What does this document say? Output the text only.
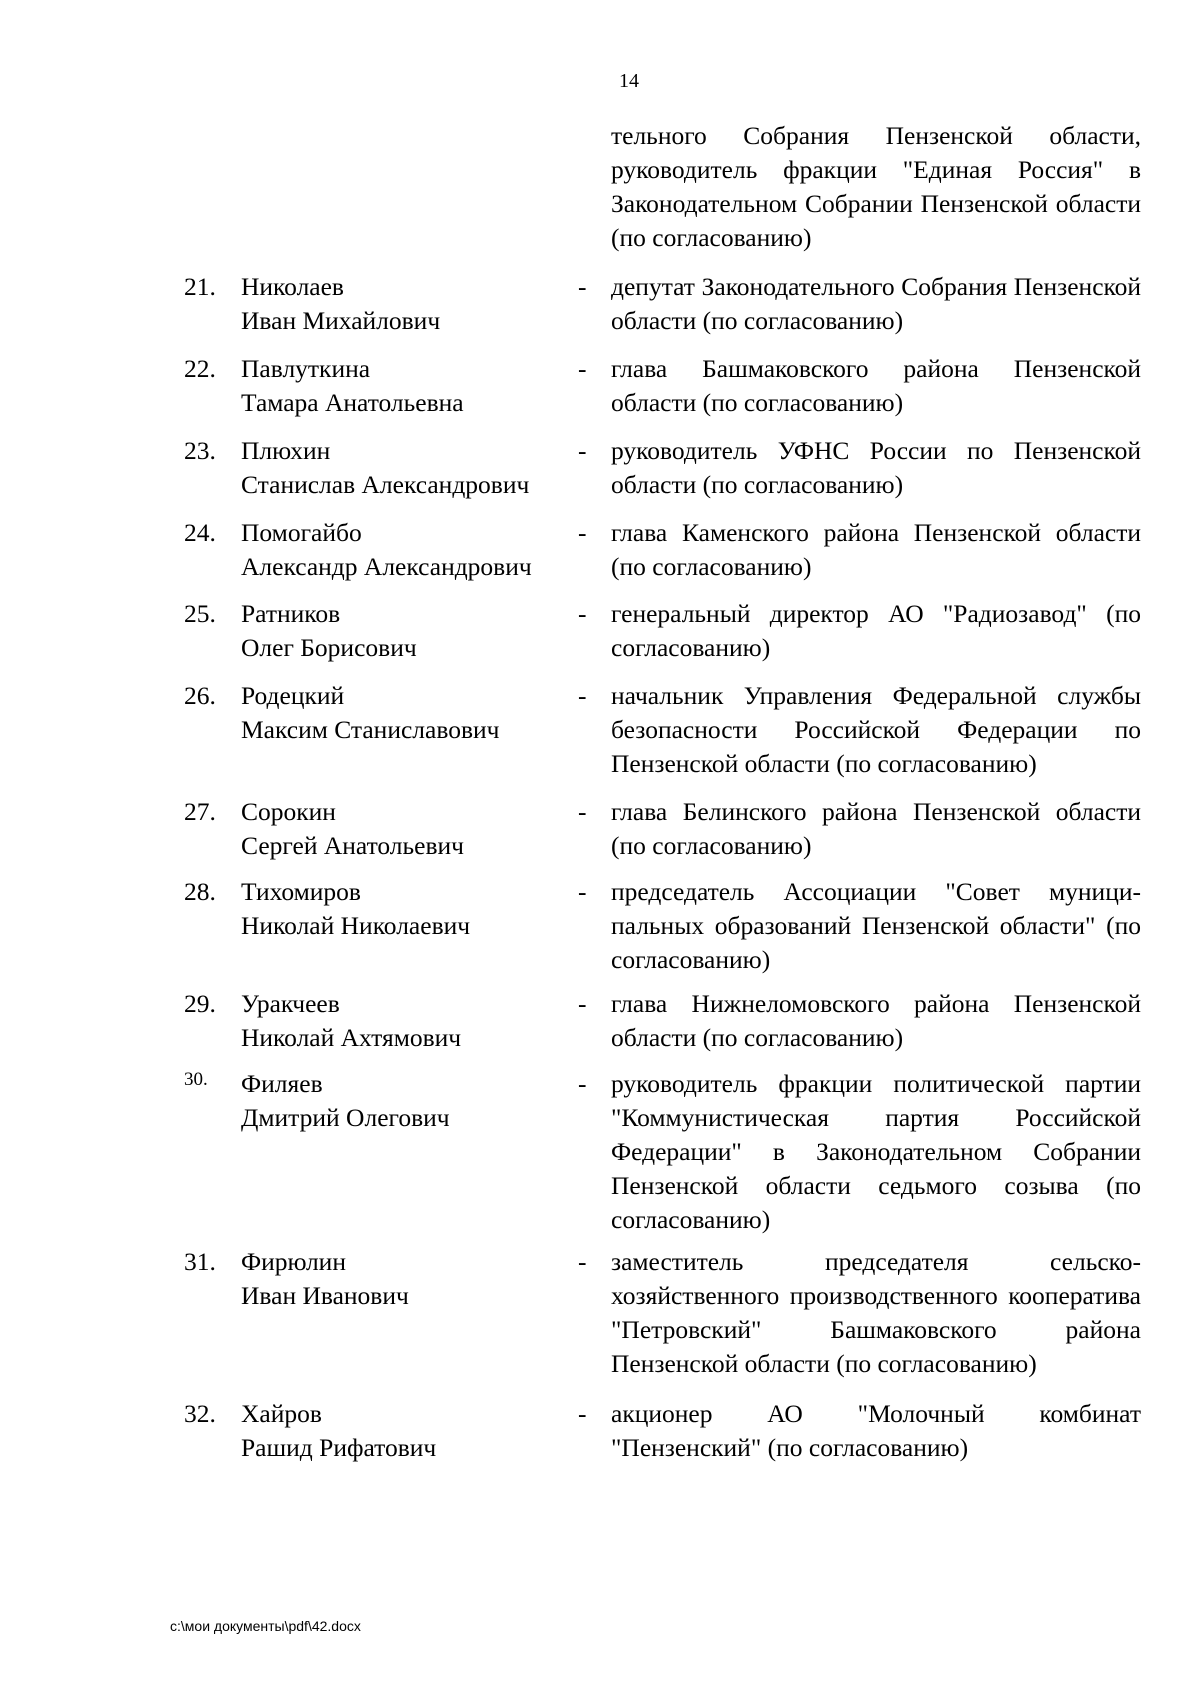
14
тельного Собрания Пензенской области, руководитель фракции "Единая Россия" в Законодательном Собрании Пензенской области (по согласованию)
21. Николаев
Иван Михайлович
- депутат Законодательного Собрания Пензенской области (по согласованию)
22. Павлуткина
Тамара Анатольевна
- глава Башмаковского района Пензенской области (по согласованию)
23. Плюхин
Станислав Александрович
- руководитель УФНС России по Пензенской области (по согласованию)
24. Помогайбо
Александр Александрович
- глава Каменского района Пензенской области (по согласованию)
25. Ратников
Олег Борисович
- генеральный директор АО "Радиозавод" (по согласованию)
26. Родецкий
Максим Станиславович
- начальник Управления Федеральной службы безопасности Российской Федерации по Пензенской области (по согласованию)
27. Сорокин
Сергей Анатольевич
- глава Белинского района Пензенской области (по согласованию)
28. Тихомиров
Николай Николаевич
- председатель Ассоциации "Совет муници-пальных образований Пензенской области" (по согласованию)
29. Уракчеев
Николай Ахтямович
- глава Нижнеломовского района Пензенской области (по согласованию)
30.	Филяев
Дмитрий Олегович
- руководитель фракции политической партии "Коммунистическая партия Российской Федерации" в Законодательном Собрании Пензенской области седьмого созыва (по согласованию)
31. Фирюлин
Иван Иванович
- заместитель председателя сельско-хозяйственного производственного кооператива "Петровский" Башмаковского района Пензенской области (по согласованию)
32. Хайров
Рашид Рифатович
- акционер АО "Молочный комбинат "Пензенский" (по согласованию)
c:\мои документы\pdf\42.docx
